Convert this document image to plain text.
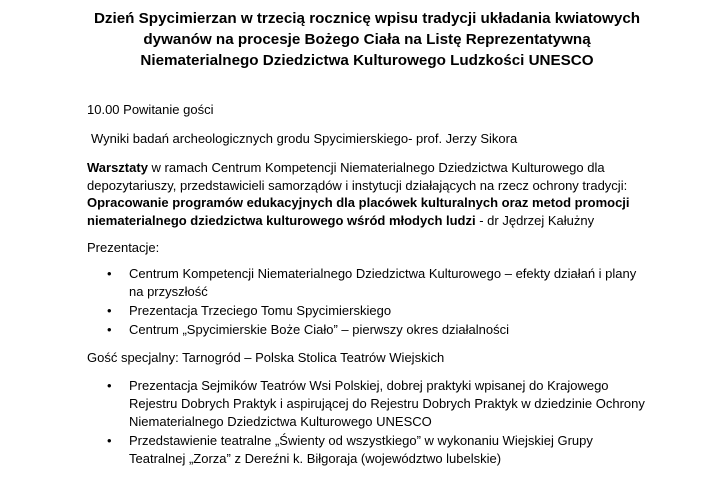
Dzień Spycimierzan w trzecią rocznicę wpisu tradycji układania kwiatowych
dywanów na procesje Bożego Ciała na Listę Reprezentatywną
Niematerialnego Dziedzictwa Kulturowego Ludzkości UNESCO

10.00 Powitanie gości

Wyniki badań archeologicznych grodu Spycimierskiego- prof. Jerzy Sikora

Warsztaty w ramach Centrum Kompetencji Niematerialnego Dziedzictwa Kulturowego dla depozytariuszy, przedstawicieli samorządów i instytucji działających na rzecz ochrony tradycji: Opracowanie programów edukacyjnych dla placówek kulturalnych oraz metod promocji niematerialnego dziedzictwa kulturowego wśród młodych ludzi - dr Jędrzej Kałużny

Prezentacje:

• Centrum Kompetencji Niematerialnego Dziedzictwa Kulturowego – efekty działań i plany na przyszłość
• Prezentacja Trzeciego Tomu Spycimierskiego
• Centrum „Spycimierskie Boże Ciało” – pierwszy okres działalności

Gość specjalny: Tarnogród – Polska Stolica Teatrów Wiejskich

• Prezentacja Sejmików Teatrów Wsi Polskiej, dobrej praktyki wpisanej do Krajowego Rejestru Dobrych Praktyk i aspirującej do Rejestru Dobrych Praktyk w dziedzinie Ochrony Niematerialnego Dziedzictwa Kulturowego UNESCO
• Przedstawienie teatralne „Świenty od wszystkiego” w wykonaniu Wiejskiej Grupy Teatralnej „Zorza” z Dereźni k. Biłgoraja (województwo lubelskie)
